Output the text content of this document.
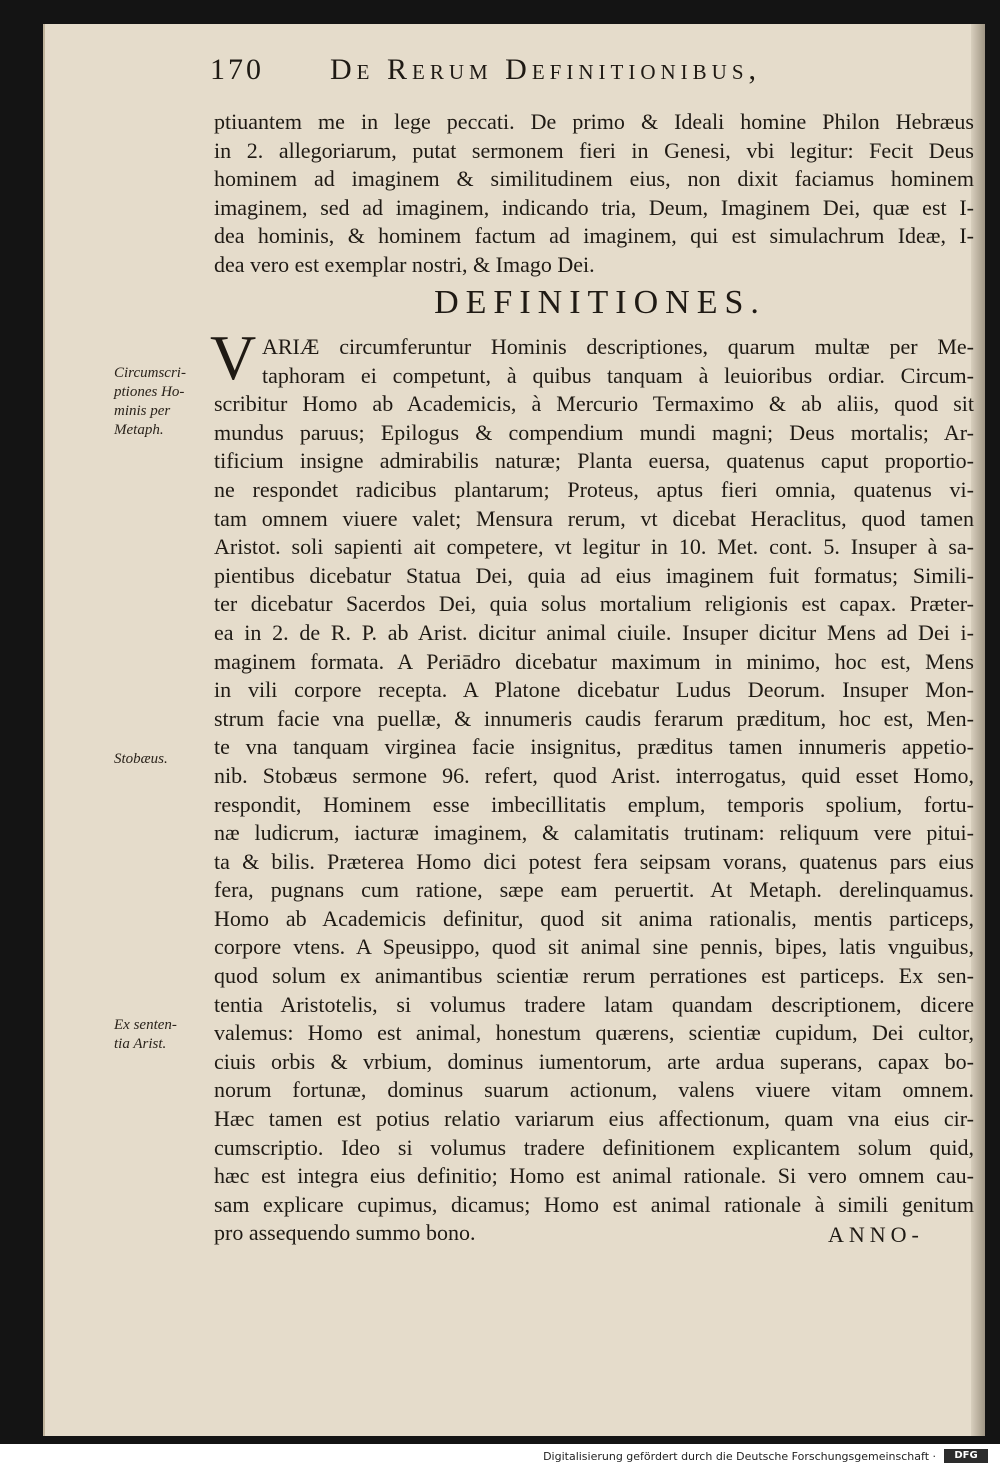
170	De Rerum Definitionibus,
ptiuantem me in lege peccati. De primo & Ideali homine Philon Hebræus
in 2. allegoriarum, putat sermonem fieri in Genesi, vbi legitur: Fecit Deus
hominem ad imaginem & similitudinem eius, non dixit faciamus hominem
imaginem, sed ad imaginem, indicando tria, Deum, Imaginem Dei, quæ est I-
dea hominis, & hominem factum ad imaginem, qui est simulachrum Ideæ, I-
dea vero est exemplar nostri, & Imago Dei.
DEFINITIONES.
V ARIÆ circumferuntur Hominis descriptiones, quarum multæ per Me-
taphoram ei competunt, à quibus tanquam à leuioribus ordiar. Circum-
scribitur Homo ab Academicis, à Mercurio Termaximo & ab aliis, quod sit
mundus paruus; Epilogus & compendium mundi magni; Deus mortalis; Ar-
tificium insigne admirabilis naturæ; Planta euersa, quatenus caput proportio-
ne respondet radicibus plantarum; Proteus, aptus fieri omnia, quatenus vi-
tam omnem viuere valet; Mensura rerum, vt dicebat Heraclitus, quod tamen
Aristot. soli sapienti ait competere, vt legitur in 10. Met. cont. 5. Insuper à sa-
pientibus dicebatur Statua Dei, quia ad eius imaginem fuit formatus; Simili-
ter dicebatur Sacerdos Dei, quia solus mortalium religionis est capax. Præter-
ea in 2. de R. P. ab Arist. dicitur animal ciuile. Insuper dicitur Mens ad Dei i-
maginem formata. A Periādro dicebatur maximum in minimo, hoc est, Mens
in vili corpore recepta. A Platone dicebatur Ludus Deorum. Insuper Mon-
strum facie vna puellæ, & innumeris caudis ferarum præditum, hoc est, Men-
te vna tanquam virginea facie insignitus, præditus tamen innumeris appetio-
nib. Stobæus sermone 96. refert, quod Arist. interrogatus, quid esset Homo,
respondit, Hominem esse imbecillitatis emplum, temporis spolium, fortu-
næ ludicrum, iacturæ imaginem, & calamitatis trutinam: reliquum vere pitui-
ta & bilis. Præterea Homo dici potest fera seipsam vorans, quatenus pars eius
fera, pugnans cum ratione, sæpe eam peruertit. At Metaph. derelinquamus.
Homo ab Academicis definitur, quod sit anima rationalis, mentis particeps,
corpore vtens. A Speusippo, quod sit animal sine pennis, bipes, latis vnguibus,
quod solum ex animantibus scientiæ rerum perrationes est particeps. Ex sen-
tentia Aristotelis, si volumus tradere latam quandam descriptionem, dicere
valemus: Homo est animal, honestum quærens, scientiæ cupidum, Dei cultor,
ciuis orbis & vrbium, dominus iumentorum, arte ardua superans, capax bo-
norum fortunæ, dominus suarum actionum, valens viuere vitam omnem.
Hæc tamen est potius relatio variarum eius affectionum, quam vna eius cir-
cumscriptio. Ideo si volumus tradere definitionem explicantem solum quid,
hæc est integra eius definitio; Homo est animal rationale. Si vero omnem cau-
sam explicare cupimus, dicamus; Homo est animal rationale à simili genitum
pro assequendo summo bono.
Circumscri-
ptiones Ho-
minis per
Metaph.
Stobæus.
Ex senten-
tia Arist.
ANNO-
Digitalisierung gefördert durch die Deutsche Forschungsgemeinschaft ·	DFG
